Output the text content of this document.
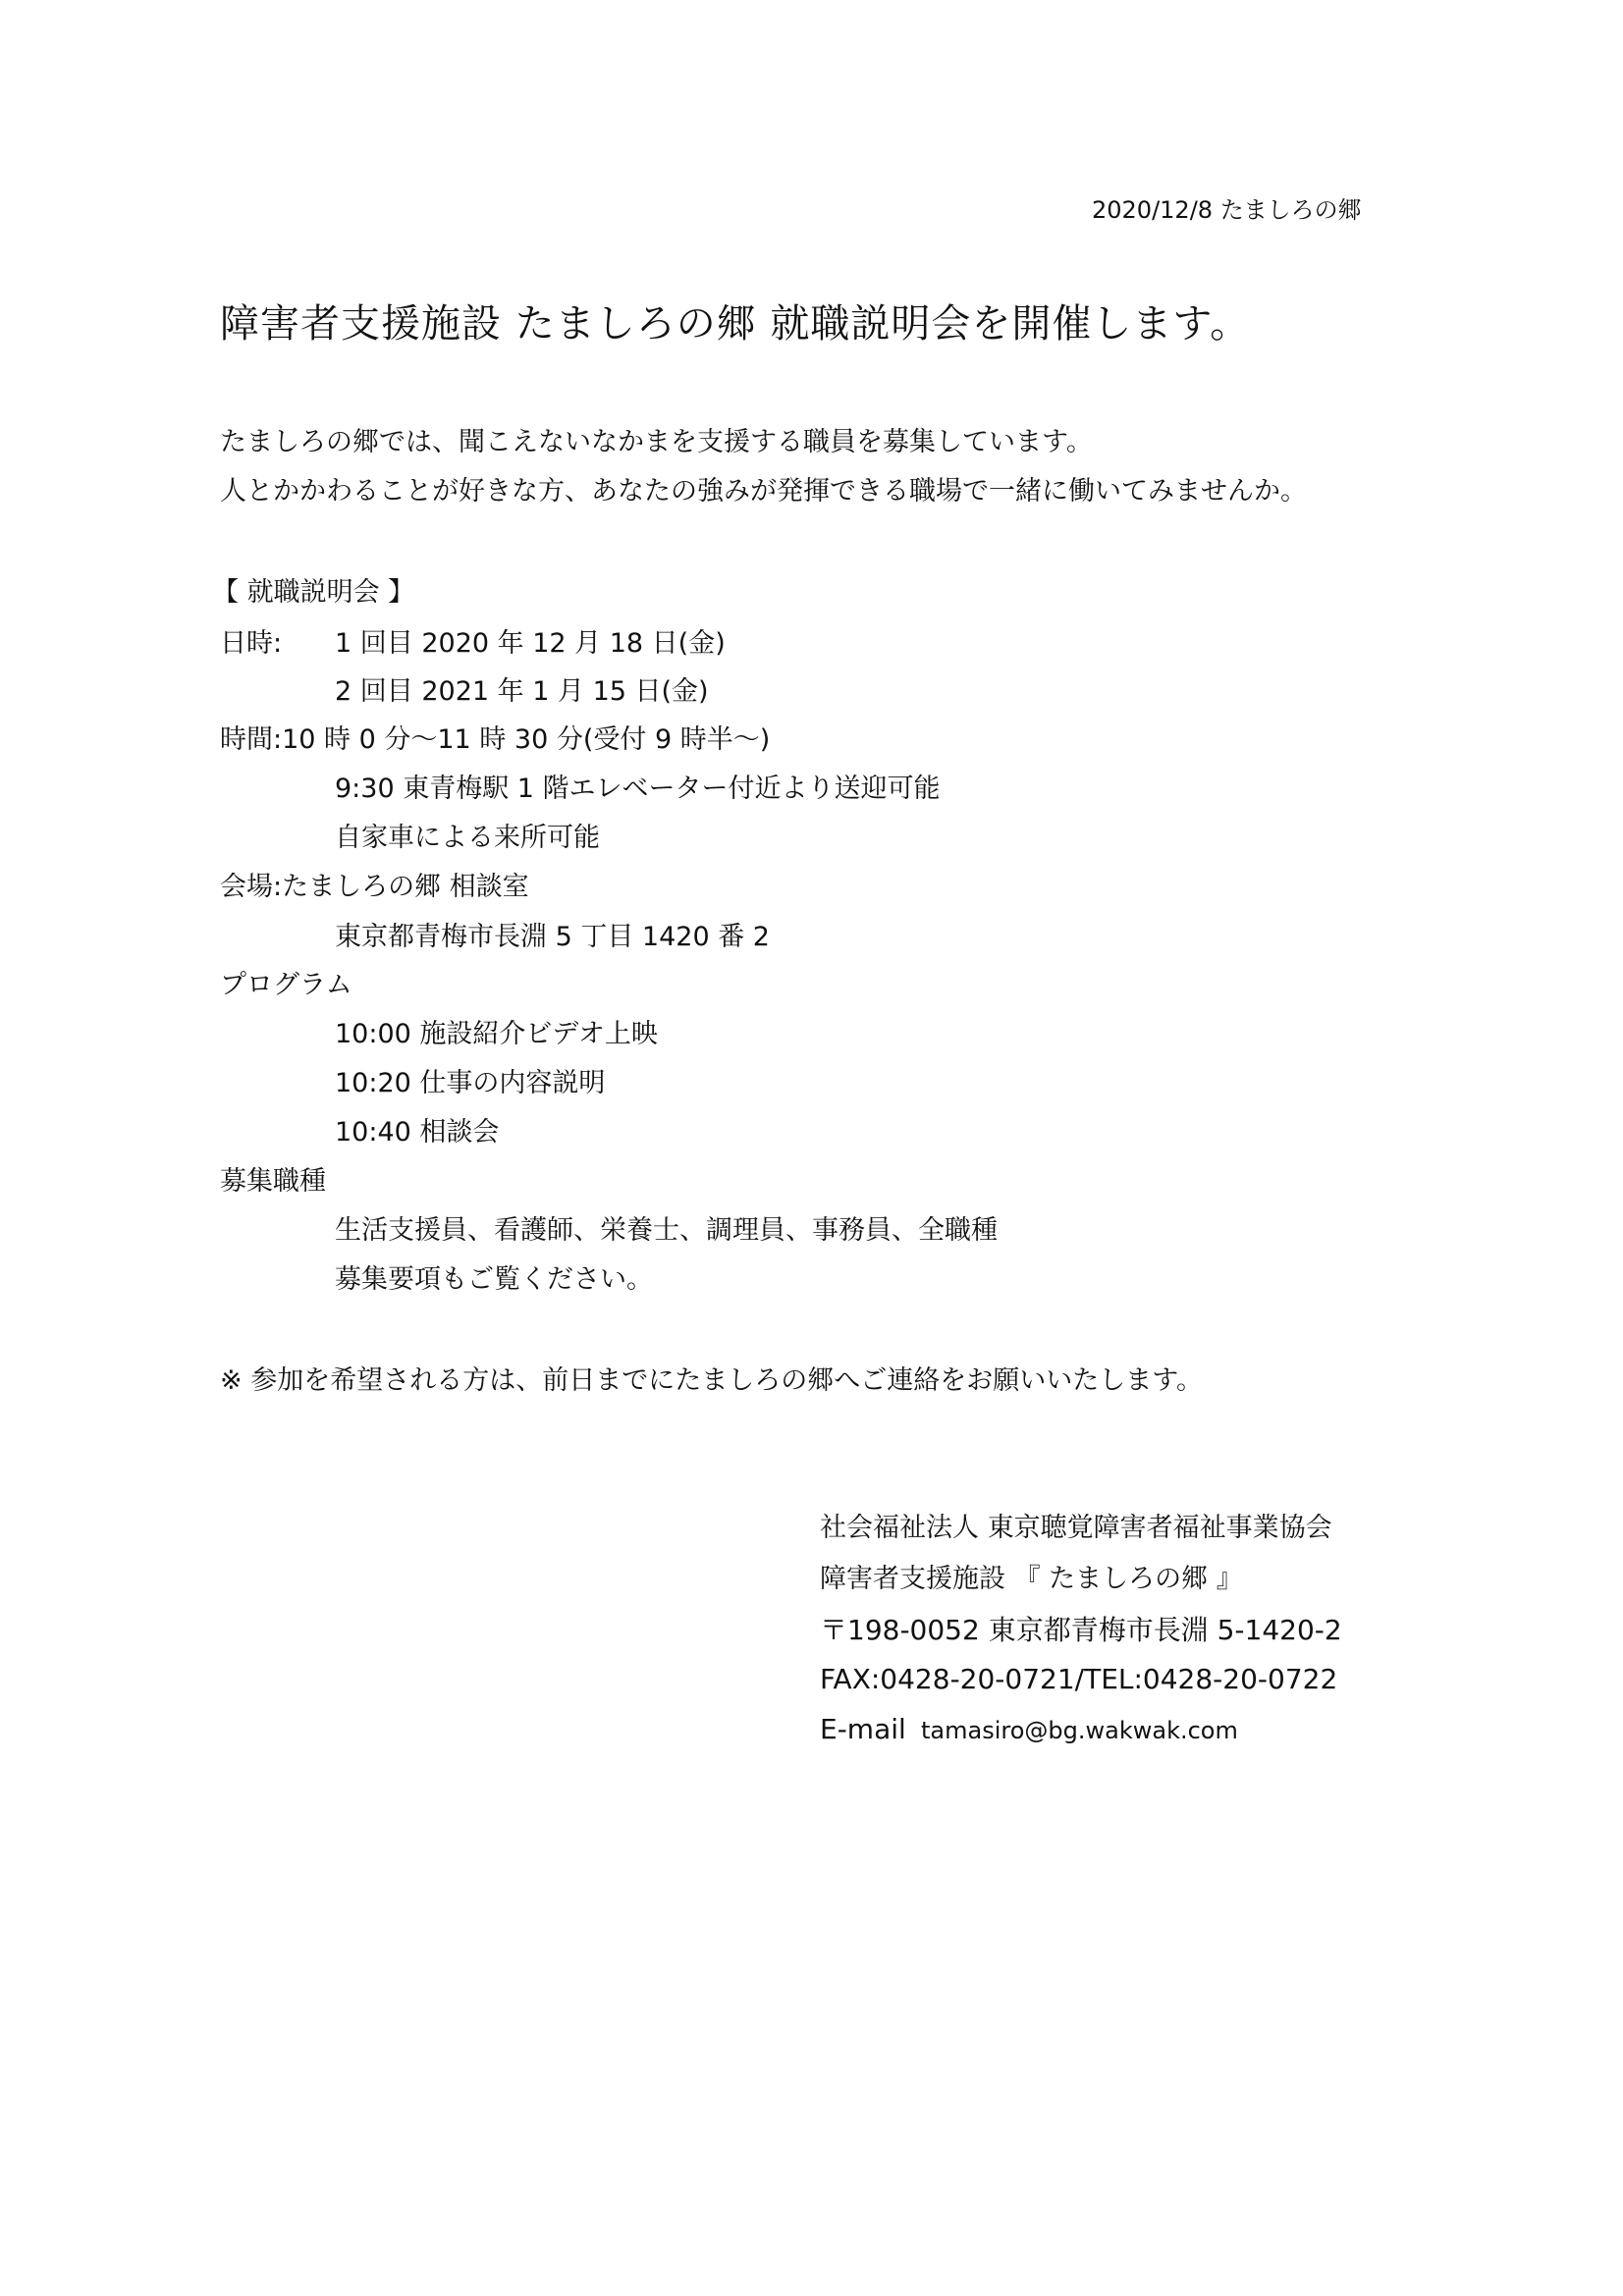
2020/12/8 たましろの郷
障害者支援施設 たましろの郷 就職説明会を開催します。
たましろの郷では、聞こえないなかまを支援する職員を募集しています。
人とかかわることが好きな方、あなたの強みが発揮できる職場で一緒に働いてみませんか。
【 就職説明会 】
日時: 1 回目 2020 年 12 月 18 日(金)
2 回目 2021 年 1 月 15 日(金)
時間:10 時 0 分〜11 時 30 分(受付 9 時半〜)
9:30 東青梅駅 1 階エレベーター付近より送迎可能
自家車による来所可能
会場:たましろの郷 相談室
東京都青梅市長淵 5 丁目 1420 番 2
プログラム
10:00 施設紹介ビデオ上映
10:20 仕事の内容説明
10:40 相談会
募集職種
生活支援員、看護師、栄養士、調理員、事務員、全職種
募集要項もご覧ください。
※ 参加を希望される方は、前日までにたましろの郷へご連絡をお願いいたします。
社会福祉法人 東京聴覚障害者福祉事業協会
障害者支援施設 『 たましろの郷 』
〒198-0052 東京都青梅市長淵 5-1420-2
FAX:0428-20-0721/TEL:0428-20-0722
E-mail tamasiro@bg.wakwak.com
